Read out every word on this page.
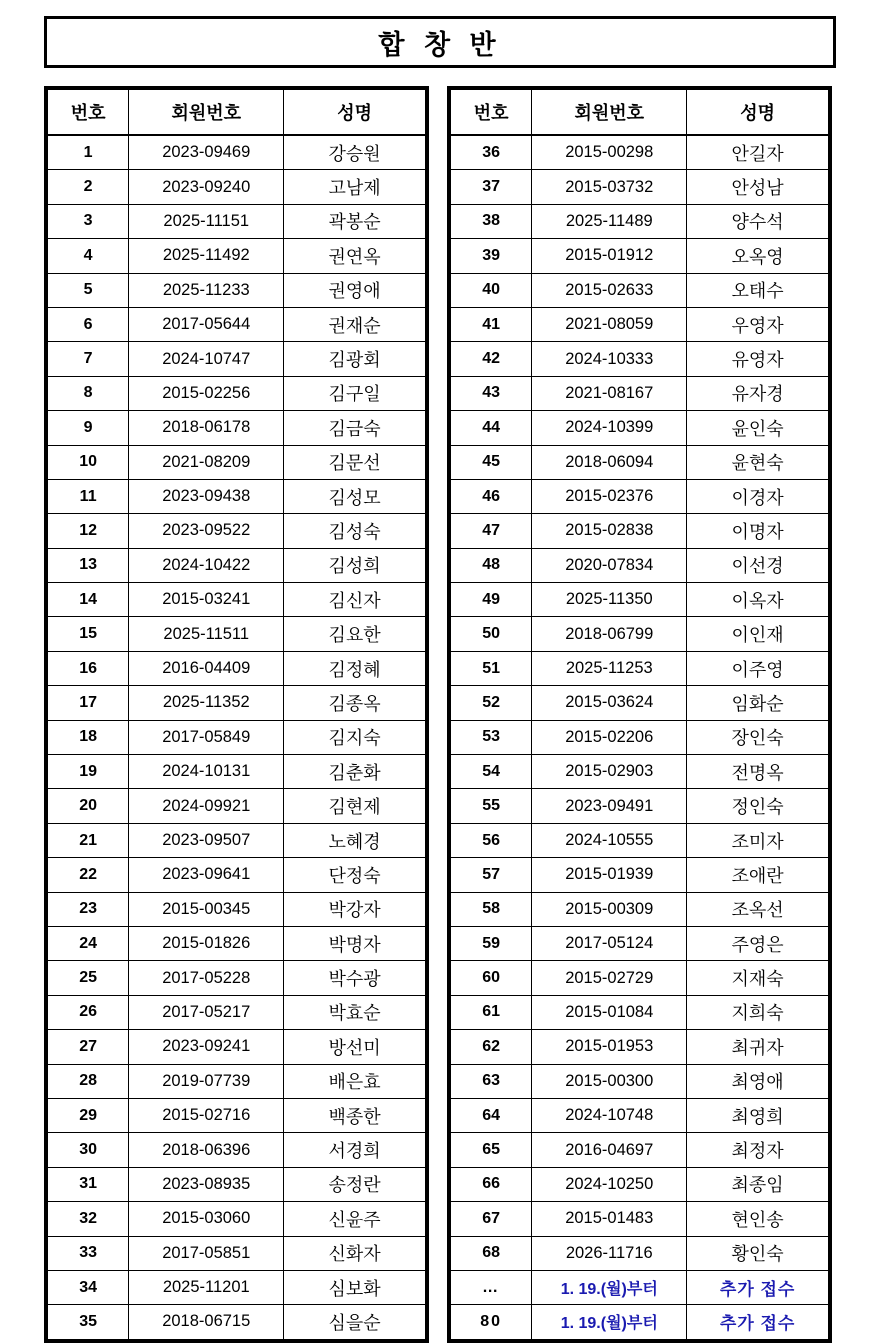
합 창 반
번호	회원번호	성명
1	2023-09469	강승원
2	2023-09240	고남제
3	2025-11151	곽봉순
4	2025-11492	권연옥
5	2025-11233	권영애
6	2017-05644	권재순
7	2024-10747	김광회
8	2015-02256	김구일
9	2018-06178	김금숙
10	2021-08209	김문선
11	2023-09438	김성모
12	2023-09522	김성숙
13	2024-10422	김성희
14	2015-03241	김신자
15	2025-11511	김요한
16	2016-04409	김정혜
17	2025-11352	김종옥
18	2017-05849	김지숙
19	2024-10131	김춘화
20	2024-09921	김현제
21	2023-09507	노혜경
22	2023-09641	단정숙
23	2015-00345	박강자
24	2015-01826	박명자
25	2017-05228	박수광
26	2017-05217	박효순
27	2023-09241	방선미
28	2019-07739	배은효
29	2015-02716	백종한
30	2018-06396	서경희
31	2023-08935	송정란
32	2015-03060	신윤주
33	2017-05851	신화자
34	2025-11201	심보화
35	2018-06715	심을순
번호	회원번호	성명
36	2015-00298	안길자
37	2015-03732	안성남
38	2025-11489	양수석
39	2015-01912	오옥영
40	2015-02633	오태수
41	2021-08059	우영자
42	2024-10333	유영자
43	2021-08167	유자경
44	2024-10399	윤인숙
45	2018-06094	윤현숙
46	2015-02376	이경자
47	2015-02838	이명자
48	2020-07834	이선경
49	2025-11350	이옥자
50	2018-06799	이인재
51	2025-11253	이주영
52	2015-03624	임화순
53	2015-02206	장인숙
54	2015-02903	전명옥
55	2023-09491	정인숙
56	2024-10555	조미자
57	2015-01939	조애란
58	2015-00309	조옥선
59	2017-05124	주영은
60	2015-02729	지재숙
61	2015-01084	지희숙
62	2015-01953	최귀자
63	2015-00300	최영애
64	2024-10748	최영희
65	2016-04697	최정자
66	2024-10250	최종임
67	2015-01483	현인송
68	2026-11716	황인숙
…	1. 19.(월)부터	추가 접수
80	1. 19.(월)부터	추가 접수
